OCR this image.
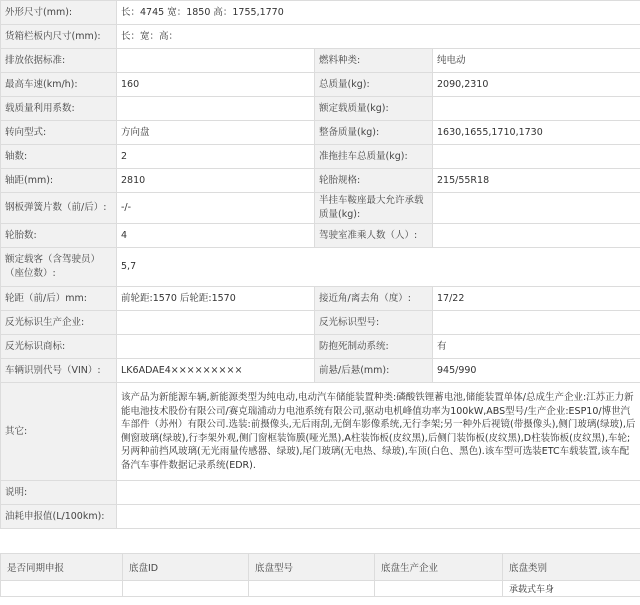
外形尺寸(mm):	长：4745 宽：1850 高：1755,1770		
货箱栏板内尺寸(mm):	长：宽：高：		
排放依据标准:		燃料种类:	纯电动
最高车速(km/h):	160	总质量(kg):	2090,2310
载质量利用系数:		额定载质量(kg):	
转向型式:	方向盘	整备质量(kg):	1630,1655,1710,1730
轴数:	2	准拖挂车总质量(kg):	
轴距(mm):	2810	轮胎规格:	215/55R18
钢板弹簧片数（前/后）:	-/-	半挂车鞍座最大允许承载质量(kg):	
轮胎数:	4	驾驶室准乘人数（人）:	
额定载客（含驾驶员）（座位数）:	5,7		
轮距（前/后）mm:	前轮距:1570 后轮距:1570	接近角/离去角（度）:	17/22
反光标识生产企业:		反光标识型号:	
反光标识商标:		防抱死制动系统:	有
车辆识别代号（VIN）:	LK6ADAE4×××××××××	前悬/后悬(mm):	945/990
其它:	该产品为新能源车辆,新能源类型为纯电动,电动汽车储能装置种类:磷酸铁锂蓄电池,储能装置单体/总成生产企业:江苏正力新能电池技术股份有限公司/赛克瑞浦动力电池系统有限公司,驱动电机峰值功率为100kW,ABS型号/生产企业:ESP10/博世汽车部件（苏州）有限公司.选装:前摄像头,无后雨刮,无倒车影像系统,无行李架;另一种外后视镜(带摄像头),侧门玻璃(绿玻),后侧窗玻璃(绿玻),行李架外观,侧门窗框装饰膜(哑光黑),A柱装饰板(皮纹黑),后侧门装饰板(皮纹黑),D柱装饰板(皮纹黑),车轮;另两种前挡风玻璃(无光雨量传感器、绿玻),尾门玻璃(无电热、绿玻),车顶(白色、黑色).该车型可选装ETC车载装置,该车配备汽车事件数据记录系统(EDR).		
说明:			
油耗申报值(L/100km):			
是否同期申报	底盘ID	底盘型号	底盘生产企业	底盘类别
				承载式车身
